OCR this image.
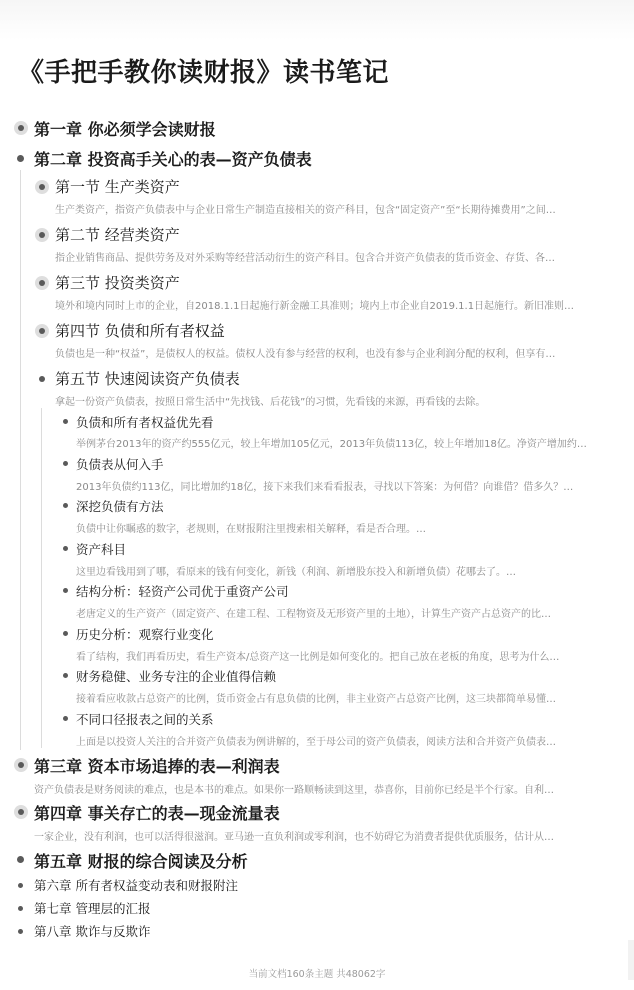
《手把手教你读财报》读书笔记
第一章 你必须学会读财报
第二章 投资高手关心的表—资产负债表
第一节 生产类资产
生产类资产，指资产负债表中与企业日常生产制造直接相关的资产科目，包含“固定资产”至“长期待摊费用”之间…
第二节 经营类资产
指企业销售商品、提供劳务及对外采购等经营活动衍生的资产科目。包含合并资产负债表的货币资金、存货、各…
第三节 投资类资产
境外和境内同时上市的企业，自2018.1.1日起施行新金融工具准则；境内上市企业自2019.1.1日起施行。新旧准则…
第四节 负债和所有者权益
负债也是一种“权益”，是债权人的权益。债权人没有参与经营的权利，也没有参与企业利润分配的权利，但享有…
第五节 快速阅读资产负债表
拿起一份资产负债表，按照日常生活中“先找钱、后花钱”的习惯，先看钱的来源，再看钱的去除。
负债和所有者权益优先看
举例茅台2013年的资产约555亿元，较上年增加105亿元，2013年负债113亿，较上年增加18亿。净资产增加约…
负债表从何入手
2013年负债约113亿，同比增加约18亿，接下来我们来看看报表，寻找以下答案：为何借？向谁借？借多久？…
深挖负债有方法
负债中让你瞩惑的数字，老规则，在财报附注里搜索相关解释，看是否合理。…
资产科目
这里边看钱用到了哪，看原来的钱有何变化，新钱（利润、新增股东投入和新增负债）花哪去了。…
结构分析：轻资产公司优于重资产公司
老唐定义的生产资产（固定资产、在建工程、工程物资及无形资产里的土地），计算生产资产占总资产的比…
历史分析：观察行业变化
看了结构，我们再看历史，看生产资本/总资产这一比例是如何变化的。把自己放在老板的角度，思考为什么…
财务稳健、业务专注的企业值得信赖
接着看应收款占总资产的比例，货币资金占有息负债的比例，非主业资产占总资产比例，这三块都简单易懂…
不同口径报表之间的关系
上面是以投资人关注的合并资产负债表为例讲解的，至于母公司的资产负债表，阅读方法和合并资产负债表…
第三章 资本市场追捧的表—利润表
资产负债表是财务阅读的难点，也是本书的难点。如果你一路顺畅读到这里，恭喜你，目前你已经是半个行家。自利…
第四章 事关存亡的表—现金流量表
一家企业，没有利润，也可以活得很滋润。亚马逊一直负利润或零利润，也不妨碍它为消费者提供优质服务，估计从…
第五章 财报的综合阅读及分析
第六章 所有者权益变动表和财报附注
第七章 管理层的汇报
第八章 欺诈与反欺诈
当前文档160条主题 共48062字
